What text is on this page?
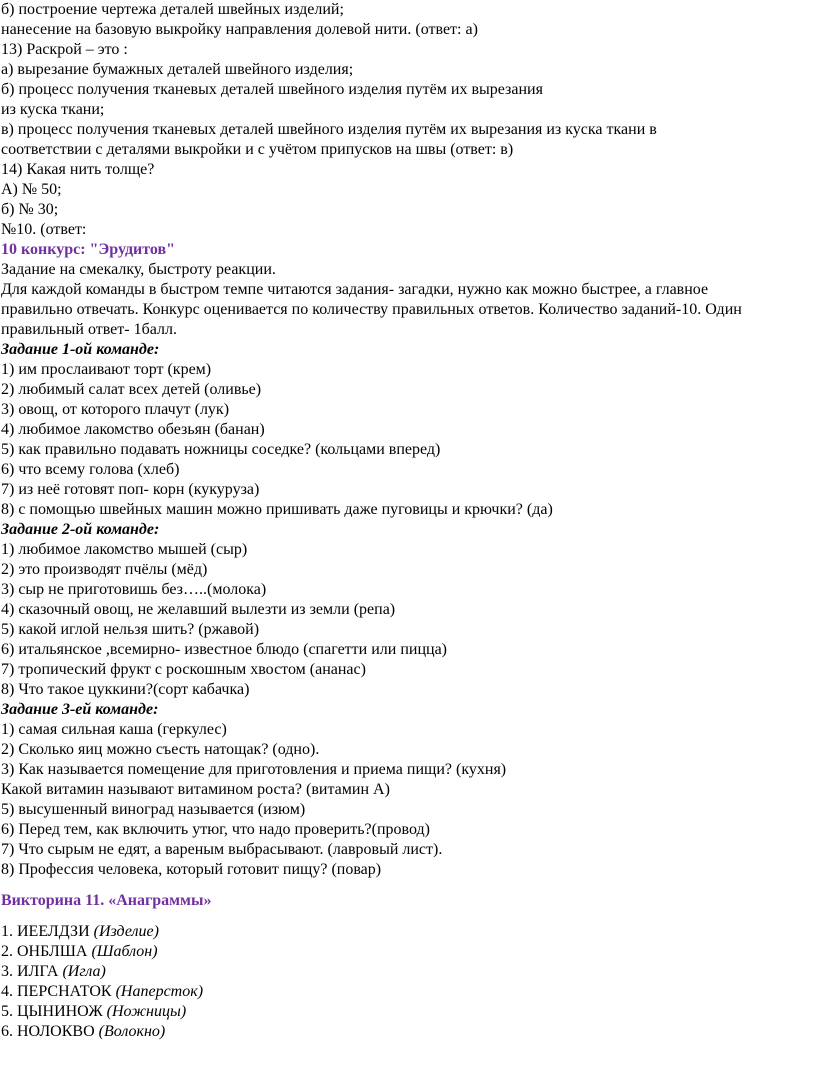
б) построение чертежа деталей швейных изделий;
нанесение на базовую выкройку направления долевой нити. (ответ: а)
13) Раскрой – это :
а) вырезание бумажных деталей швейного изделия;
б) процесс получения тканевых деталей швейного изделия путём их вырезания
из куска ткани;
в) процесс получения тканевых деталей швейного изделия путём их вырезания из куска ткани в
соответствии с деталями выкройки и с учётом припусков на швы (ответ: в)
14) Какая нить толще?
А) № 50;
б) № 30;
№10. (ответ:
10 конкурс: "Эрудитов"
Задание на смекалку, быстроту реакции.
Для каждой команды в быстром темпе читаются задания- загадки, нужно как можно быстрее, а главное
правильно отвечать. Конкурс оценивается по количеству правильных ответов. Количество заданий-10. Один
правильный ответ- 1балл.
Задание 1-ой команде:
1) им прослаивают торт (крем)
2) любимый салат всех детей (оливье)
3) овощ, от которого плачут (лук)
4) любимое лакомство обезьян (банан)
5) как правильно подавать ножницы соседке? (кольцами вперед)
6) что всему голова (хлеб)
7) из неё готовят поп- корн (кукуруза)
8) с помощью швейных машин можно пришивать даже пуговицы и крючки? (да)
Задание 2-ой команде:
1) любимое лакомство мышей (сыр)
2) это производят пчёлы (мёд)
3) сыр не приготовишь без…..(молока)
4) сказочный овощ, не желавший вылезти из земли (репа)
5) какой иглой нельзя шить? (ржавой)
6) итальянское ,всемирно- известное блюдо (спагетти или пицца)
7) тропический фрукт с роскошным хвостом (ананас)
8) Что такое цуккини?(сорт кабачка)
Задание 3-ей команде:
1) самая сильная каша (геркулес)
2) Сколько яиц можно съесть натощак? (одно).
3) Как называется помещение для приготовления и приема пищи? (кухня)
Какой витамин называют витамином роста? (витамин А)
5) высушенный виноград называется (изюм)
6) Перед тем, как включить утюг, что надо проверить?(провод)
7) Что сырым не едят, а вареным выбрасывают. (лавровый лист).
8) Профессия человека, который готовит пищу? (повар)
Викторина 11. «Анаграммы»
1. ИЕЕЛДЗИ (Изделие)
2. ОНБЛША (Шаблон)
3. ИЛГА (Игла)
4. ПЕРСНАТОК (Наперсток)
5. ЦЫНИНОЖ (Ножницы)
6. НОЛОКВО (Волокно)
